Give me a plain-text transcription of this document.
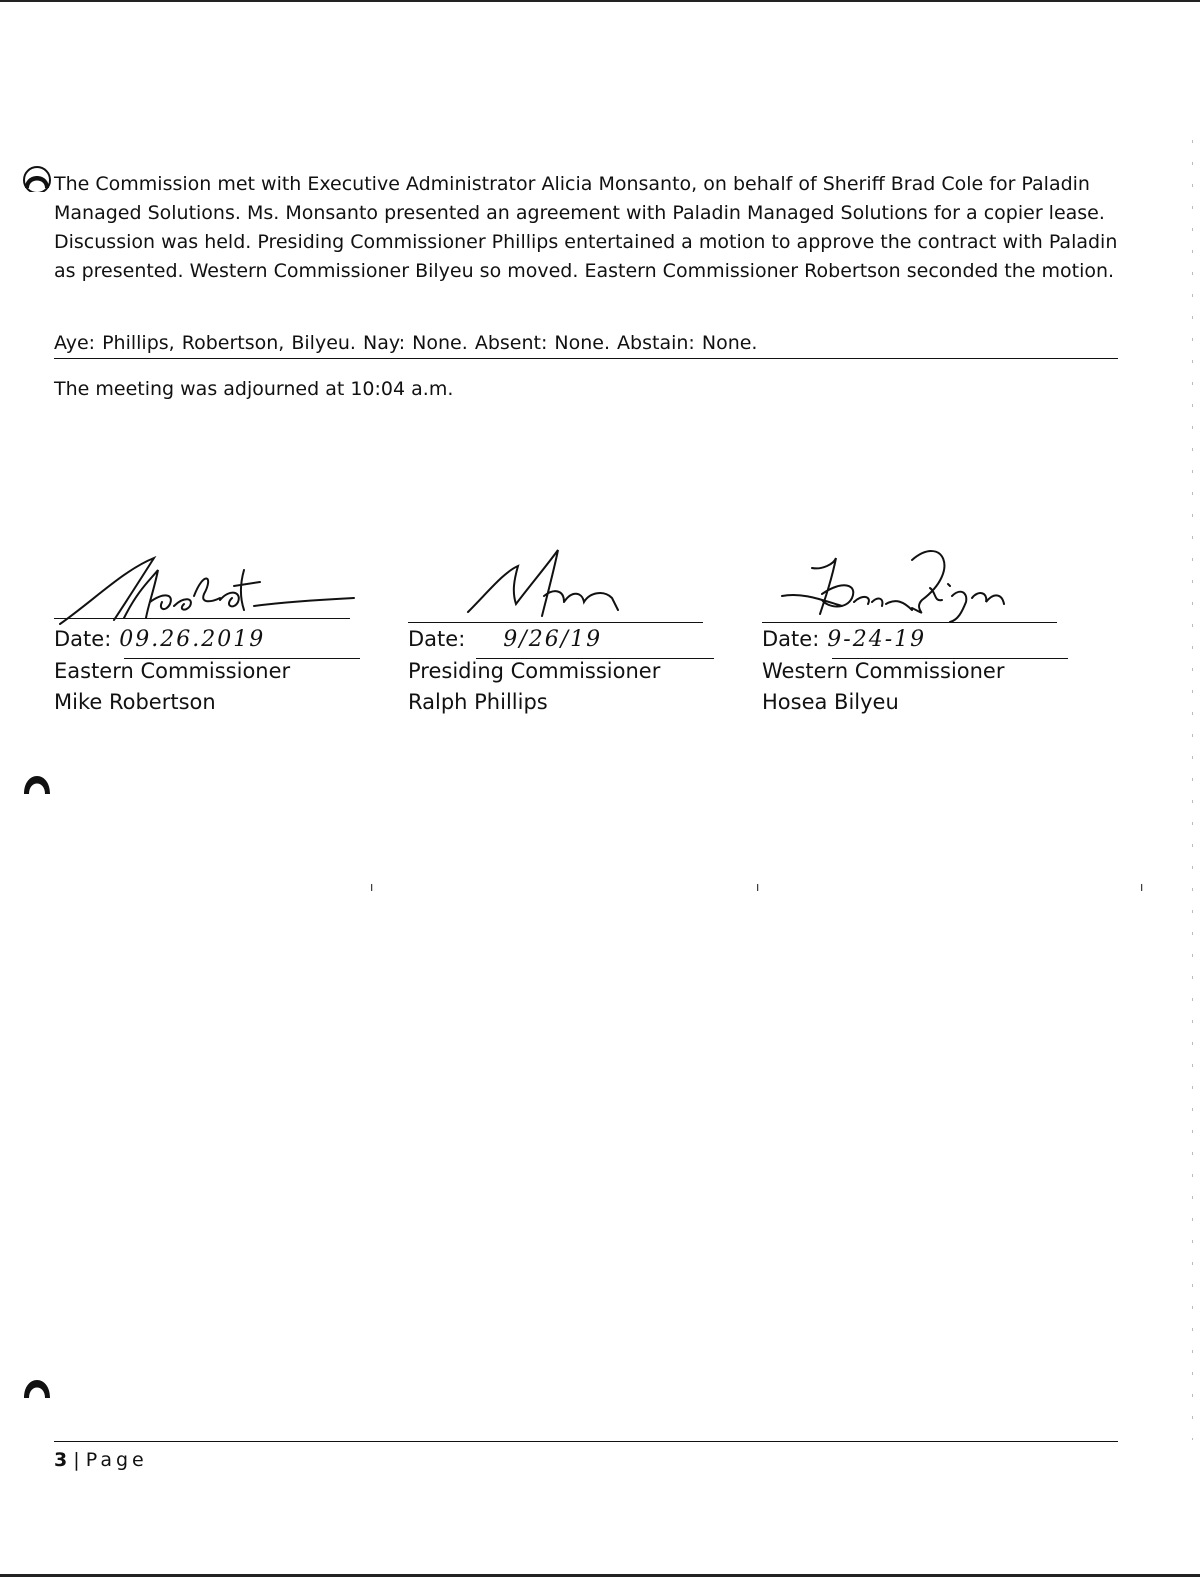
The Commission met with Executive Administrator Alicia Monsanto, on behalf of Sheriff Brad Cole for Paladin Managed Solutions. Ms. Monsanto presented an agreement with Paladin Managed Solutions for a copier lease. Discussion was held. Presiding Commissioner Phillips entertained a motion to approve the contract with Paladin as presented. Western Commissioner Bilyeu so moved. Eastern Commissioner Robertson seconded the motion.

Aye: Phillips, Robertson, Bilyeu. Nay: None. Absent: None. Abstain: None.
The meeting was adjourned at 10:04 a.m.
Date: 09.26.2019
Eastern Commissioner
Mike Robertson
Date: 9/26/19
Presiding Commissioner
Ralph Phillips
Date: 9-24-19
Western Commissioner
Hosea Bilyeu
ı	ı	ı
3 | Page
